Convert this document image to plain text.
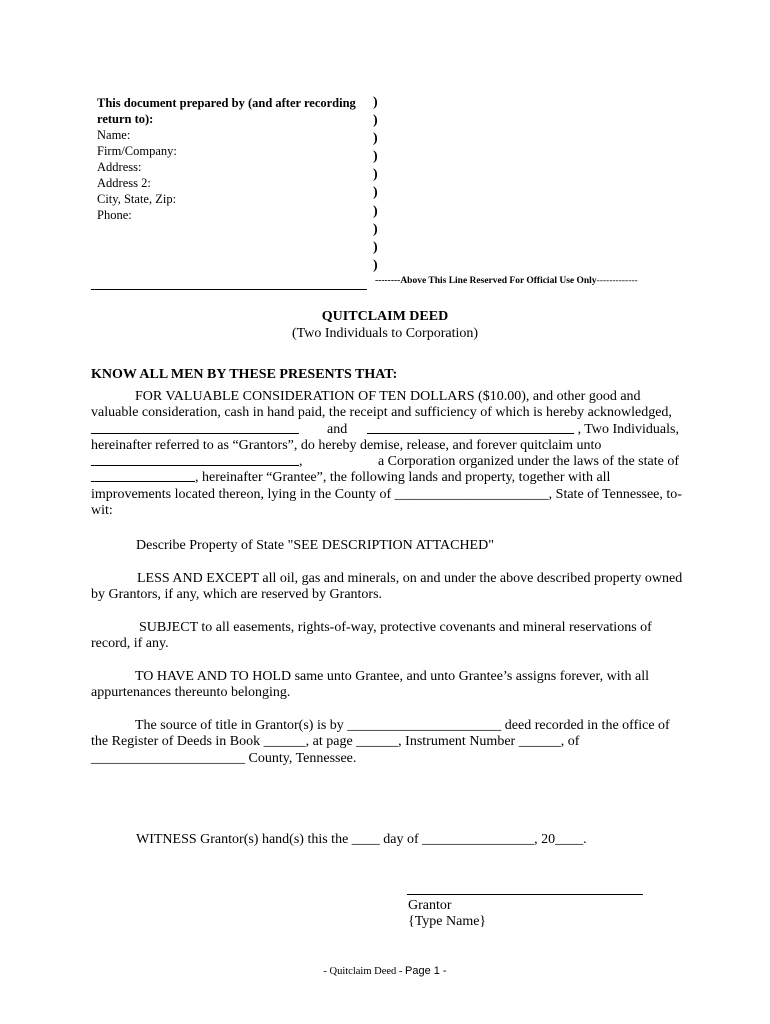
This document prepared by (and after recording
return to):
Name:
Firm/Company:
Address:
Address 2:
City, State, Zip:
Phone:
)
)
)
)
)
)
)
)
)
)
--------Above This Line Reserved For Official Use Only-------------
QUITCLAIM DEED
(Two Individuals to Corporation)
KNOW ALL MEN BY THESE PRESENTS THAT:
FOR VALUABLE CONSIDERATION OF TEN DOLLARS ($10.00), and other good and
valuable consideration, cash in hand paid, the receipt and sufficiency of which is hereby acknowledged,
and	, Two Individuals,
hereinafter referred to as “Grantors”, do hereby demise, release, and forever quitclaim unto
,	a Corporation organized under the laws of the state of
, hereinafter “Grantee”, the following lands and property, together with all
improvements located thereon, lying in the County of ______________________, State of Tennessee, to-
wit:
Describe Property of State "SEE DESCRIPTION ATTACHED"
LESS AND EXCEPT all oil, gas and minerals, on and under the above described property owned
by Grantors, if any, which are reserved by Grantors.
SUBJECT to all easements, rights-of-way, protective covenants and mineral reservations of
record, if any.
TO HAVE AND TO HOLD same unto Grantee, and unto Grantee’s assigns forever, with all
appurtenances thereunto belonging.
The source of title in Grantor(s) is by ______________________ deed recorded in the office of
the Register of Deeds in Book ______, at page ______, Instrument Number ______, of
______________________ County, Tennessee.
WITNESS Grantor(s) hand(s) this the ____ day of ________________, 20____.
Grantor
{Type Name}
- Quitclaim Deed - Page 1 -
